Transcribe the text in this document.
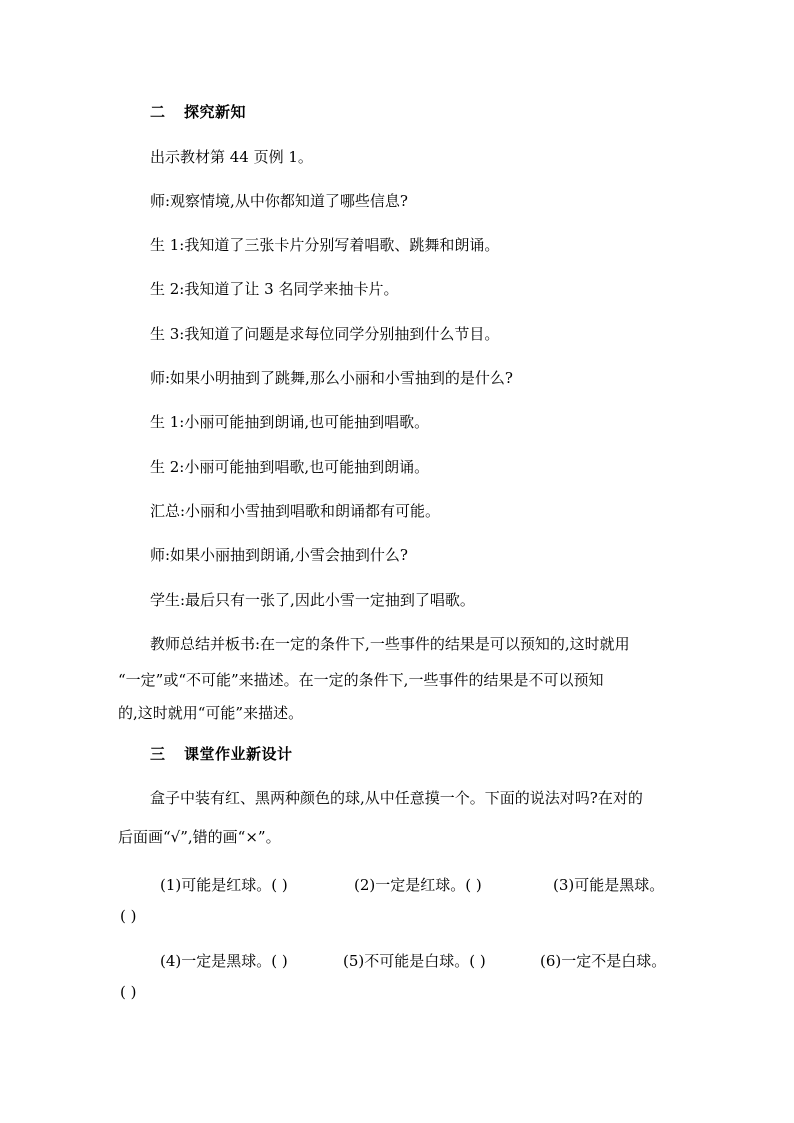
二 探究新知
出示教材第 44 页例 1。
师:观察情境,从中你都知道了哪些信息?
生 1:我知道了三张卡片分别写着唱歌、跳舞和朗诵。
生 2:我知道了让 3 名同学来抽卡片。
生 3:我知道了问题是求每位同学分别抽到什么节目。
师:如果小明抽到了跳舞,那么小丽和小雪抽到的是什么?
生 1:小丽可能抽到朗诵,也可能抽到唱歌。
生 2:小丽可能抽到唱歌,也可能抽到朗诵。
汇总:小丽和小雪抽到唱歌和朗诵都有可能。
师:如果小丽抽到朗诵,小雪会抽到什么?
学生:最后只有一张了,因此小雪一定抽到了唱歌。
教师总结并板书:在一定的条件下,一些事件的结果是可以预知的,这时就用
“一定”或“不可能”来描述。在一定的条件下,一些事件的结果是不可以预知
的,这时就用“可能”来描述。
三 课堂作业新设计
盒子中装有红、黑两种颜色的球,从中任意摸一个。下面的说法对吗?在对的
后面画“√”,错的画“×”。
(1)可能是红球。( )	(2)一定是红球。( )	(3)可能是黑球。
( )
(4)一定是黑球。( )	(5)不可能是白球。( )	(6)一定不是白球。
( )
